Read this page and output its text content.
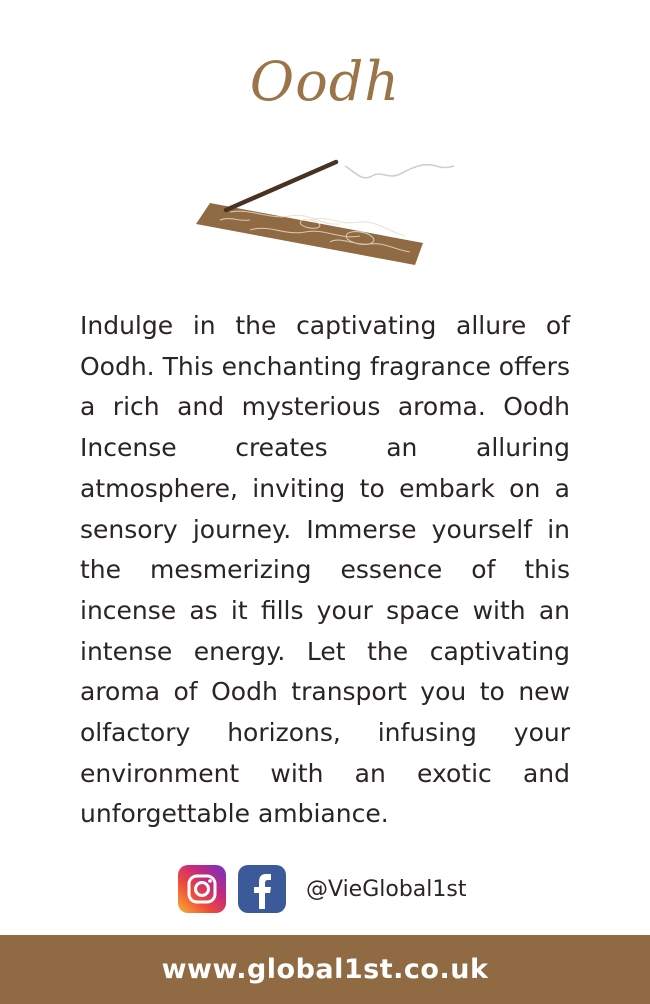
Oodh

Indulge in the captivating allure of Oodh. This enchanting fragrance offers a rich and mysterious aroma. Oodh Incense creates an alluring atmosphere, inviting to embark on a sensory journey. Immerse yourself in the mesmerizing essence of this incense as it fills your space with an intense energy. Let the captivating aroma of Oodh transport you to new olfactory horizons, infusing your environment with an exotic and unforgettable ambiance.

@VieGlobal1st
www.global1st.co.uk
